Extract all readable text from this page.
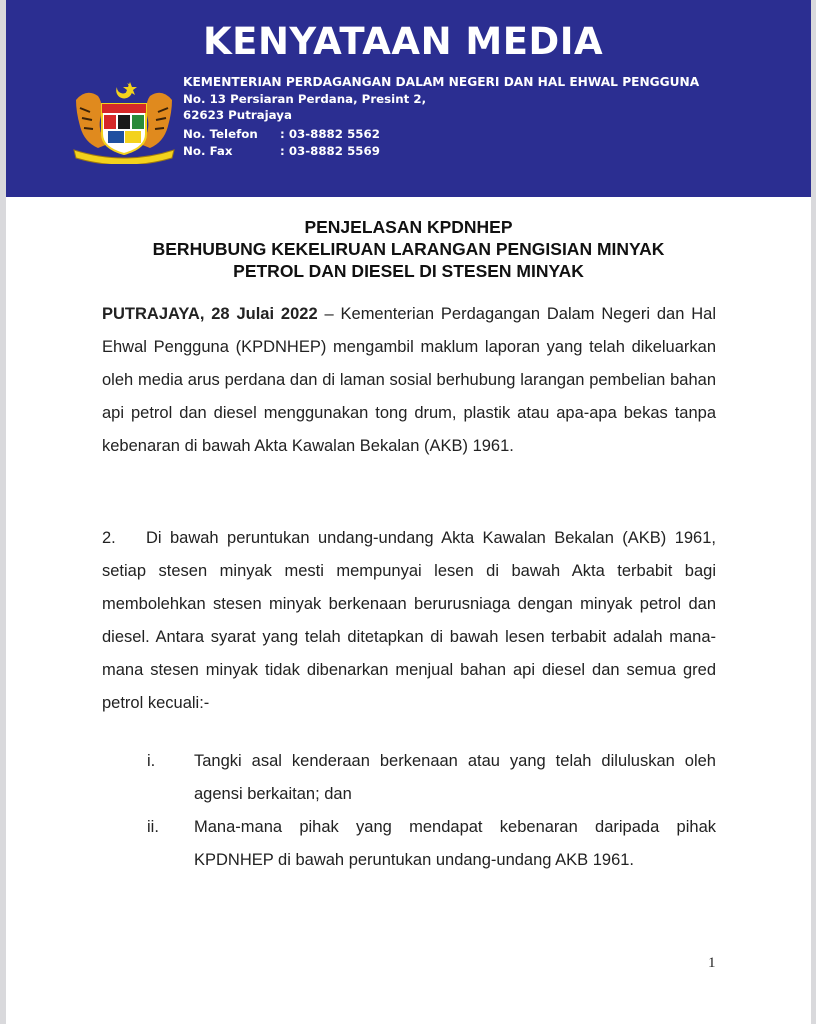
KENYATAAN MEDIA
KEMENTERIAN PERDAGANGAN DALAM NEGERI DAN HAL EHWAL PENGGUNA
No. 13 Persiaran Perdana, Presint 2,
62623 Putrajaya
No. Telefon : 03-8882 5562
No. Fax	: 03-8882 5569
PENJELASAN KPDNHEP
BERHUBUNG KEKELIRUAN LARANGAN PENGISIAN MINYAK
PETROL DAN DIESEL DI STESEN MINYAK
PUTRAJAYA, 28 Julai 2022 – Kementerian Perdagangan Dalam Negeri dan Hal Ehwal Pengguna (KPDNHEP) mengambil maklum laporan yang telah dikeluarkan oleh media arus perdana dan di laman sosial berhubung larangan pembelian bahan api petrol dan diesel menggunakan tong drum, plastik atau apa-apa bekas tanpa kebenaran di bawah Akta Kawalan Bekalan (AKB) 1961.
2. Di bawah peruntukan undang-undang Akta Kawalan Bekalan (AKB) 1961, setiap stesen minyak mesti mempunyai lesen di bawah Akta terbabit bagi membolehkan stesen minyak berkenaan berurusniaga dengan minyak petrol dan diesel. Antara syarat yang telah ditetapkan di bawah lesen terbabit adalah mana-mana stesen minyak tidak dibenarkan menjual bahan api diesel dan semua gred petrol kecuali:-
i. Tangki asal kenderaan berkenaan atau yang telah diluluskan oleh agensi berkaitan; dan
ii. Mana-mana pihak yang mendapat kebenaran daripada pihak KPDNHEP di bawah peruntukan undang-undang AKB 1961.
1
